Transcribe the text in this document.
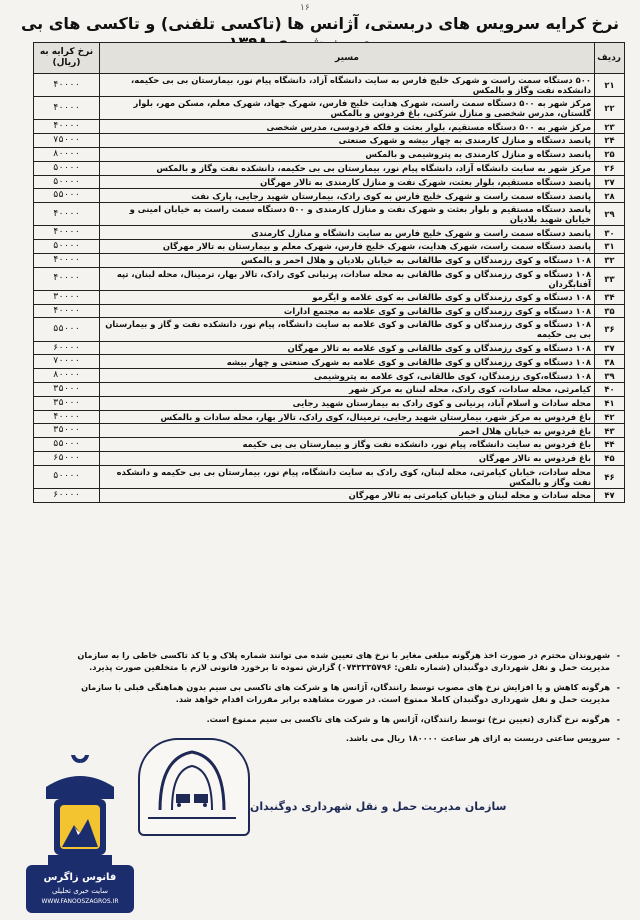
۱۶
نرخ کرایه سرویس های دربستی، آژانس ها (تاکسی تلفنی) و تاکسی های بی
ردیف	مسیر	نرخ کرایه به (ریال)
۲۱	۵۰۰ دستگاه سمت راست و شهرک خلیج فارس به سایت دانشگاه آزاد، دانشگاه پیام نور، بیمارستان بی بی حکیمه، دانشکده نفت وگاز و بالمکس	۴۰۰۰۰
۲۲	مرکز شهر به ۵۰۰ دستگاه سمت راست، شهرک هدایت خلیج فارس، شهرک جهاد، شهرک معلم، مسکن مهر، بلوار گلستان، مدرس شخصی و منازل شرکتی، باغ فردوس و بالمکس	۴۰۰۰۰
۲۳	مرکز شهر به ۵۰۰ دستگاه مستقیم، بلوار بعثت و فلکه فردوسی، مدرس شخصی	۴۰۰۰۰
۲۴	پانصد دستگاه و منازل کارمندی به چهار بیشه و شهرک صنعتی	۷۵۰۰۰
۲۵	پانصد دستگاه و منازل کارمندی به پتروشیمی و بالمکس	۸۰۰۰۰
۲۶	مرکز شهر به سایت دانشگاه آزاد، دانشگاه پیام نور، بیمارستان بی بی حکیمه، دانشکده نفت وگاز و بالمکس	۵۰۰۰۰
۲۷	پانصد دستگاه مستقیم، بلوار بعثت، شهرک نفت و منازل کارمندی به تالار مهرگان	۵۰۰۰۰
۲۸	پانصد دستگاه سمت راست و شهرک خلیج فارس به کوی رادک، بیمارستان شهید رجایی، پارک نفت	۵۵۰۰۰
۲۹	پانصد دستگاه مستقیم و بلوار بعثت و شهرک نفت و منازل کارمندی و ۵۰۰ دستگاه سمت راست به خیابان امینی و خیابان شهید بلادیان	۴۰۰۰۰
۳۰	پانصد دستگاه سمت راست و شهرک خلیج فارس به سایت دانشگاه و منازل کارمندی	۴۰۰۰۰
۳۱	پانصد دستگاه سمت راست، شهرک هدایت، شهرک خلیج فارس، شهرک معلم و بیمارستان به تالار مهرگان	۵۰۰۰۰
۳۲	۱۰۸ دستگاه و کوی رزمندگان و کوی طالقانی به خیابان بلادیان و هلال احمر و بالمکس	۴۰۰۰۰
۳۳	۱۰۸ دستگاه و کوی رزمندگان و کوی طالقانی به محله سادات، پرنیانی کوی رادک، تالار بهار، ترمینال، محله لبنان، تپه آفتابگردان	۴۰۰۰۰
۳۴	۱۰۸ دستگاه و کوی رزمندگان و کوی طالقانی به کوی علامه و ایگرمو	۳۰۰۰۰
۳۵	۱۰۸ دستگاه و کوی رزمندگان و کوی طالقانی و کوی علامه به مجتمع ادارات	۴۰۰۰۰
۳۶	۱۰۸ دستگاه و کوی رزمندگان و کوی طالقانی و کوی علامه به سایت دانشگاه، پیام نور، دانشکده نفت و گاز و بیمارستان بی بی حکیمه	۵۵۰۰۰
۳۷	۱۰۸ دستگاه و کوی رزمندگان و کوی طالقانی و کوی علامه به تالار مهرگان	۶۰۰۰۰
۳۸	۱۰۸ دستگاه و کوی رزمندگان و کوی طالقانی و کوی علامه به شهرک صنعتی و چهار بیشه	۷۰۰۰۰
۳۹	۱۰۸ دستگاه،کوی رزمندگان، کوی طالقانی، کوی علامه به پتروشیمی	۸۰۰۰۰
۴۰	کیامرثی، محله سادات، کوی رادک، محله لبنان به مرکز شهر	۳۵۰۰۰
۴۱	محله سادات و اسلام آباد، پرنیانی و کوی رادک به بیمارستان شهید رجایی	۳۵۰۰۰
۴۲	باغ فردوس به مرکز شهر، بیمارستان شهید رجایی، ترمینال، کوی رادک، تالار بهار، محله سادات و بالمکس	۴۰۰۰۰
۴۳	باغ فردوس به خیابان هلال احمر	۳۵۰۰۰
۴۴	باغ فردوس به سایت دانشگاه، پیام نور، دانشکده نفت وگاز و بیمارستان بی بی حکیمه	۵۵۰۰۰
۴۵	باغ فردوس به تالار مهرگان	۶۵۰۰۰
۴۶	محله سادات، خیابان کیامرثی، محله لبنان، کوی رادک به سایت دانشگاه، پیام نور، بیمارستان بی بی حکیمه و دانشکده نفت وگاز و بالمکس	۵۰۰۰۰
۴۷	محله سادات و محله لبنان و خیابان کیامرثی به تالار مهرگان	۶۰۰۰۰

- شهروندان محترم در صورت اخذ هرگونه مبلغی مغایر با نرخ های تعیین شده می توانند شماره پلاک و یا کد تاکسی خاطی را به سازمان مدیریت حمل و نقل شهرداری دوگنبدان (شماره تلفن: ۰۷۴۳۳۳۵۷۹۶) گزارش نموده تا برخورد قانونی لازم با متخلفین صورت پذیرد.

- هرگونه کاهش و یا افزایش نرخ های مصوب توسط رانندگان، آژانس ها و شرکت های تاکسی بی سیم بدون هماهنگی قبلی با سازمان مدیریت حمل و نقل شهرداری دوگنبدان کاملا ممنوع است. در صورت مشاهده برابر مقررات اقدام خواهد شد.

- هرگونه نرخ گذاری (تعیین نرخ) توسط رانندگان، آژانس ها و شرکت های تاکسی بی سیم ممنوع است.

- سرویس ساعتی دربست به ازای هر ساعت ۱۸۰۰۰۰ ریال می باشد.

سازمان مدیریت حمل و نقل شهرداری دوگنبدان
فانوس زاگرس
سایت خبری تحلیلی
WWW.FANOOSZAGROS.IR
